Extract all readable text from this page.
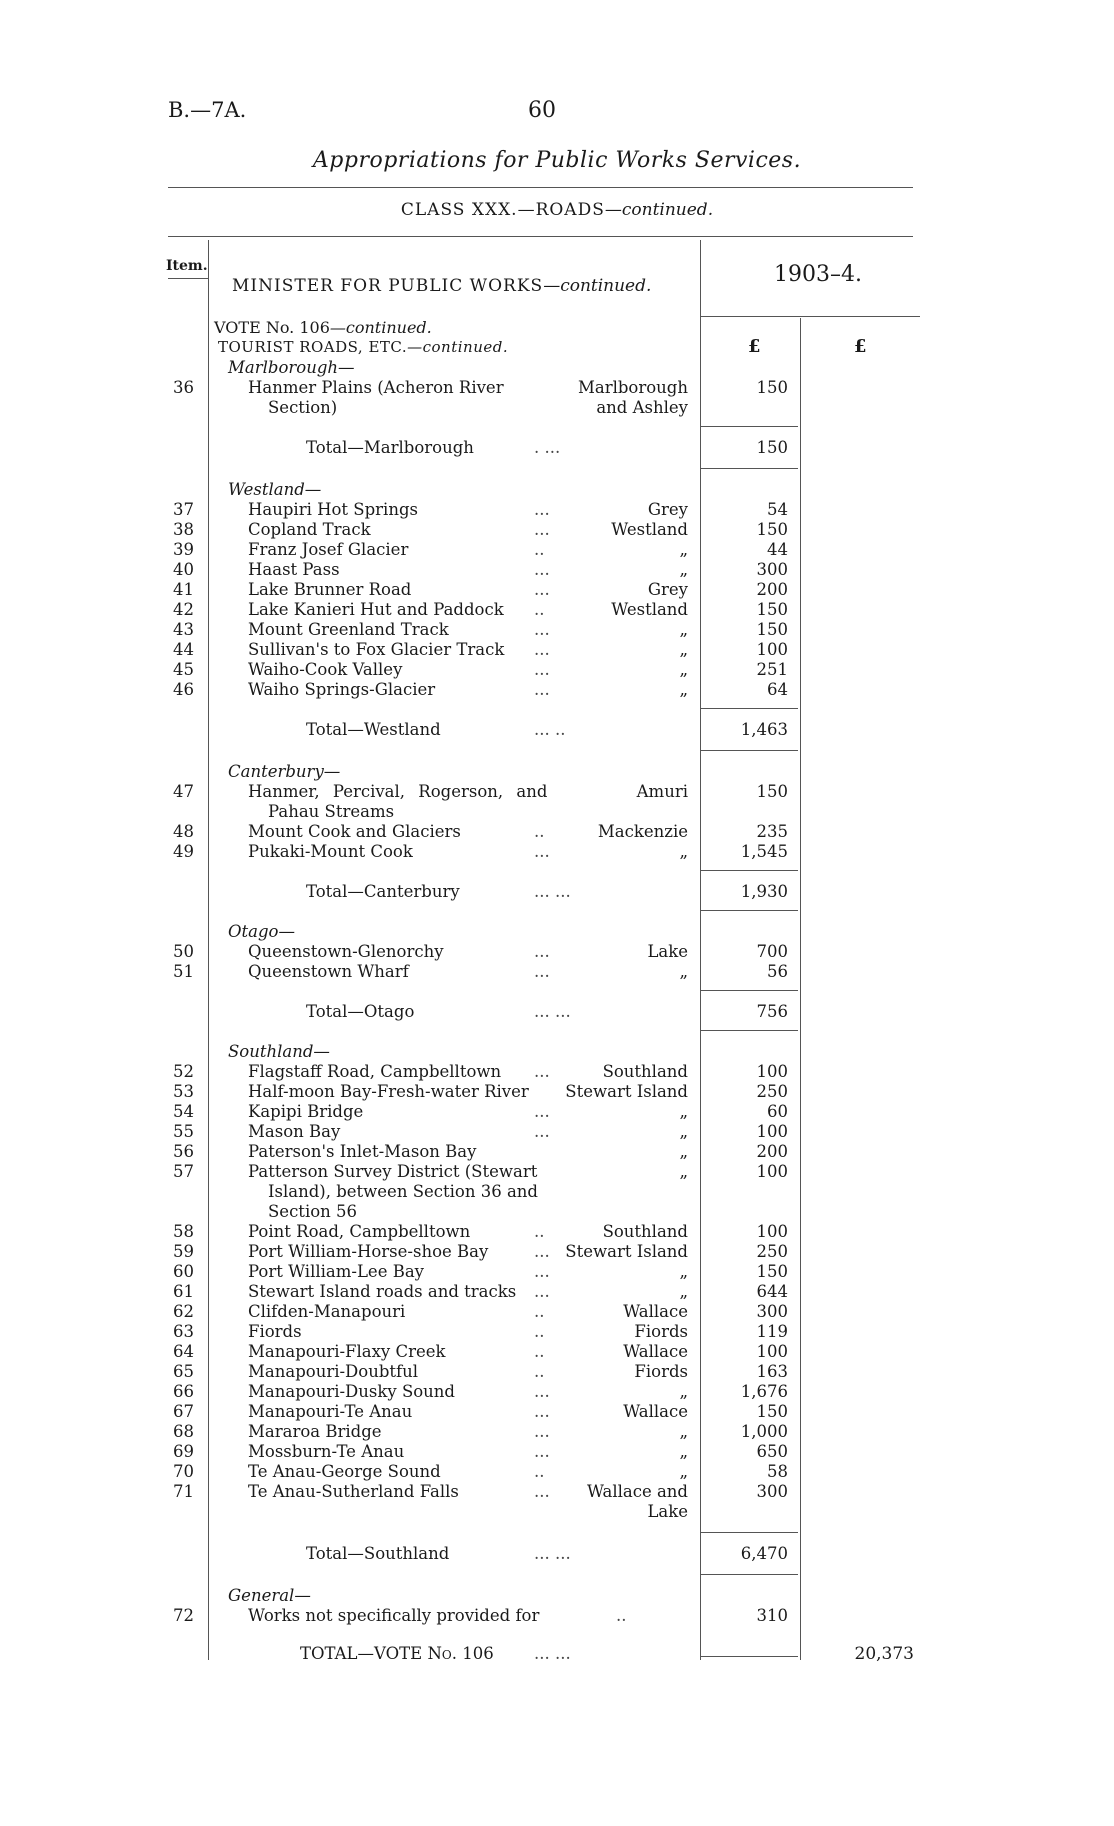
B.—7A.	60
Appropriations for Public Works Services.
CLASS XXX.—ROADS—continued.
Item.
MINISTER FOR PUBLIC WORKS—continued.	1903–4.
£	£
VOTE No. 106—continued.
TOURIST ROADS, ETC.—continued.
Marlborough—
36	Hanmer Plains (Acheron River	Marlborough	150
Section)	and Ashley
Total—Marlborough	. ...	150
Westland—
37	Haupiri Hot Springs	...	Grey	54
38	Copland Track	...	Westland	150
39	Franz Josef Glacier	..	„	44
40	Haast Pass	...	„	300
41	Lake Brunner Road	...	Grey	200
42	Lake Kanieri Hut and Paddock ..	Westland	150
43	Mount Greenland Track	...	„	150
44	Sullivan's to Fox Glacier Track ...	„	100
45	Waiho-Cook Valley	...	„	251
46	Waiho Springs-Glacier	...	„	64
Total—Westland	... ..	1,463
Canterbury—
47	Hanmer, Percival, Rogerson, and	Amuri	150
Pahau Streams
48	Mount Cook and Glaciers	..	Mackenzie	235
49	Pukaki-Mount Cook	...	„	1,545
Total—Canterbury	... ...	1,930
Otago—
50	Queenstown-Glenorchy	...	Lake	700
51	Queenstown Wharf	...	„	56
Total—Otago	... ...	756
Southland—
52	Flagstaff Road, Campbelltown ...	Southland	100
53	Half-moon Bay-Fresh-water River Stewart Island	250
54	Kapipi Bridge	...	„	60
55	Mason Bay	...	„	100
56	Paterson's Inlet-Mason Bay	„	200
57	Patterson Survey District (Stewart	„	100
Island), between Section 36 and
Section 56
58	Point Road, Campbelltown	..	Southland	100
59	Port William-Horse-shoe Bay	... Stewart Island	250
60	Port William-Lee Bay	...	„	150
61	Stewart Island roads and tracks ...	„	644
62	Clifden-Manapouri	..	Wallace	300
63	Fiords	..	Fiords	119
64	Manapouri-Flaxy Creek	..	Wallace	100
65	Manapouri-Doubtful	..	Fiords	163
66	Manapouri-Dusky Sound	...	„	1,676
67	Manapouri-Te Anau	...	Wallace	150
68	Mararoa Bridge	...	„	1,000
69	Mossburn-Te Anau	...	„	650
70	Te Anau-George Sound	..	„	58
71	Te Anau-Sutherland Falls	... Wallace and	300
Lake
Total—Southland	... ...	6,470
General—
72	Works not specifically provided for	..	310
TOTAL—VOTE No. 106 ... ...	20,373
